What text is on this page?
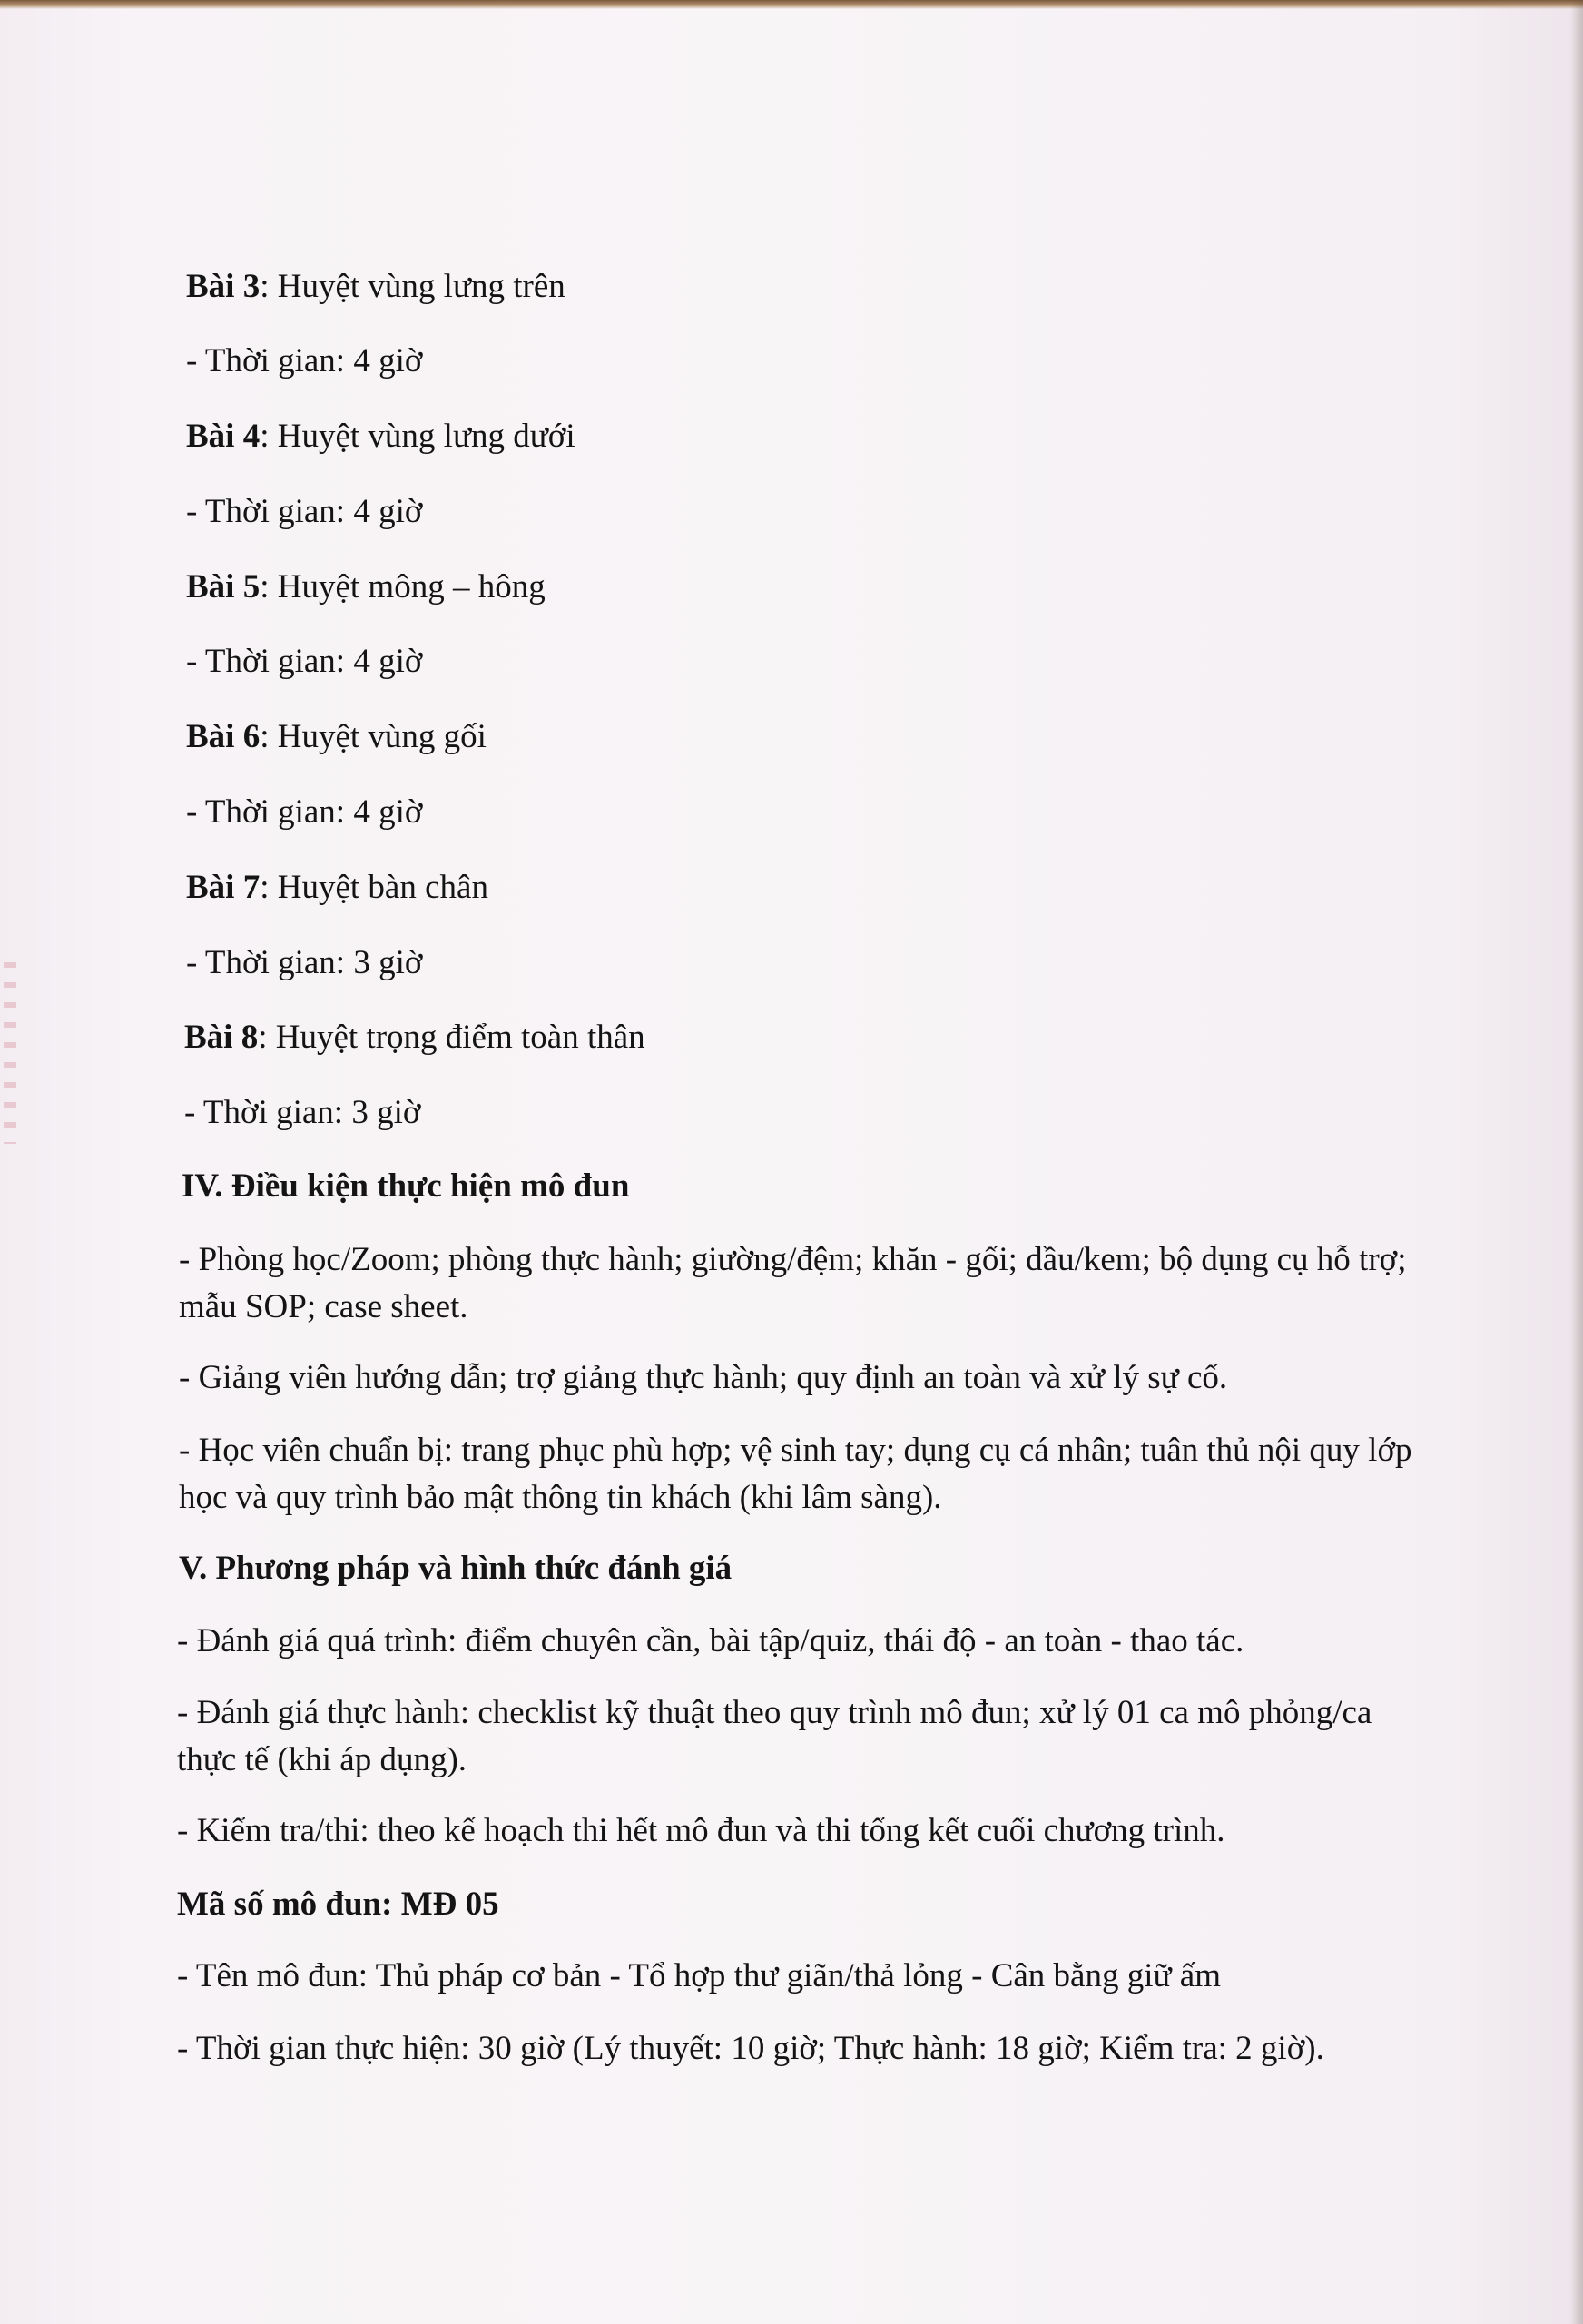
Bài 3: Huyệt vùng lưng trên
- Thời gian: 4 giờ
Bài 4: Huyệt vùng lưng dưới
- Thời gian: 4 giờ
Bài 5: Huyệt mông – hông
- Thời gian: 4 giờ
Bài 6: Huyệt vùng gối
- Thời gian: 4 giờ
Bài 7: Huyệt bàn chân
- Thời gian: 3 giờ
Bài 8: Huyệt trọng điểm toàn thân
- Thời gian: 3 giờ
IV. Điều kiện thực hiện mô đun
- Phòng học/Zoom; phòng thực hành; giường/đệm; khăn - gối; dầu/kem; bộ dụng cụ hỗ trợ; mẫu SOP; case sheet.
- Giảng viên hướng dẫn; trợ giảng thực hành; quy định an toàn và xử lý sự cố.
- Học viên chuẩn bị: trang phục phù hợp; vệ sinh tay; dụng cụ cá nhân; tuân thủ nội quy lớp học và quy trình bảo mật thông tin khách (khi lâm sàng).
V. Phương pháp và hình thức đánh giá
- Đánh giá quá trình: điểm chuyên cần, bài tập/quiz, thái độ - an toàn - thao tác.
- Đánh giá thực hành: checklist kỹ thuật theo quy trình mô đun; xử lý 01 ca mô phỏng/ca thực tế (khi áp dụng).
- Kiểm tra/thi: theo kế hoạch thi hết mô đun và thi tổng kết cuối chương trình.
Mã số mô đun: MĐ 05
- Tên mô đun: Thủ pháp cơ bản - Tổ hợp thư giãn/thả lỏng - Cân bằng giữ ấm
- Thời gian thực hiện: 30 giờ (Lý thuyết: 10 giờ; Thực hành: 18 giờ; Kiểm tra: 2 giờ).
